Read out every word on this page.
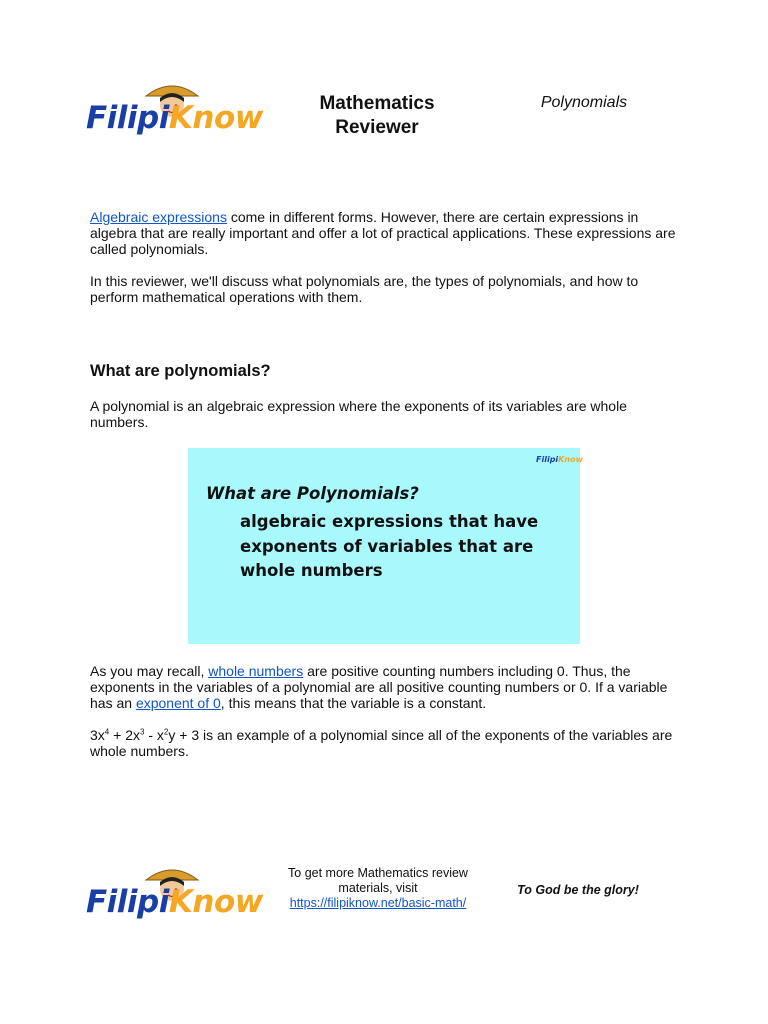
FilipiKnow	Mathematics
Reviewer
Polynomials

Algebraic expressions come in different forms. However, there are certain expressions in algebra that are really important and offer a lot of practical applications. These expressions are called polynomials.

In this reviewer, we'll discuss what polynomials are, the types of polynomials, and how to perform mathematical operations with them.

What are polynomials?

A polynomial is an algebraic expression where the exponents of its variables are whole numbers.

FilipiKnow
What are Polynomials?
algebraic expressions that have
exponents of variables that are
whole numbers

As you may recall, whole numbers are positive counting numbers including 0. Thus, the exponents in the variables of a polynomial are all positive counting numbers or 0. If a variable has an exponent of 0, this means that the variable is a constant.

$3x^4 + 2x^3 - x^2y + 3$ is an example of a polynomial since all of the exponents of the variables are whole numbers.

FilipiKnow
To get more Mathematics review
materials, visit
https://filipiknow.net/basic-math/
To God be the glory!
